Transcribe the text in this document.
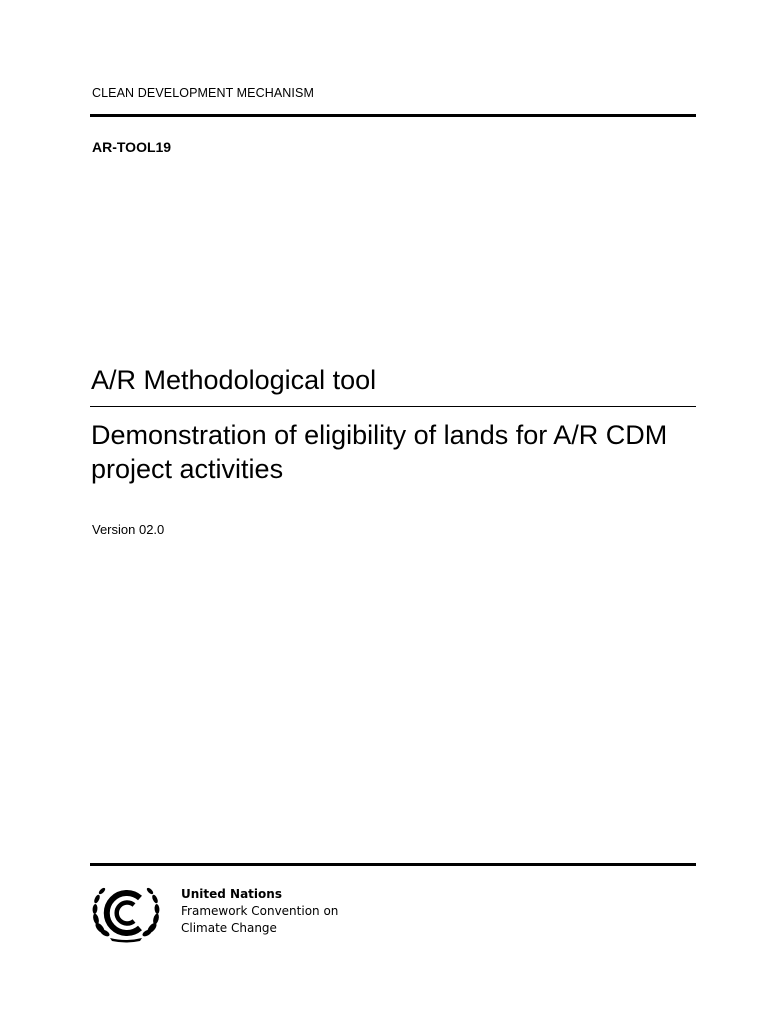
CLEAN DEVELOPMENT MECHANISM
AR-TOOL19
A/R Methodological tool
Demonstration of eligibility of lands for A/R CDM project activities
Version 02.0
United Nations
Framework Convention on
Climate Change
